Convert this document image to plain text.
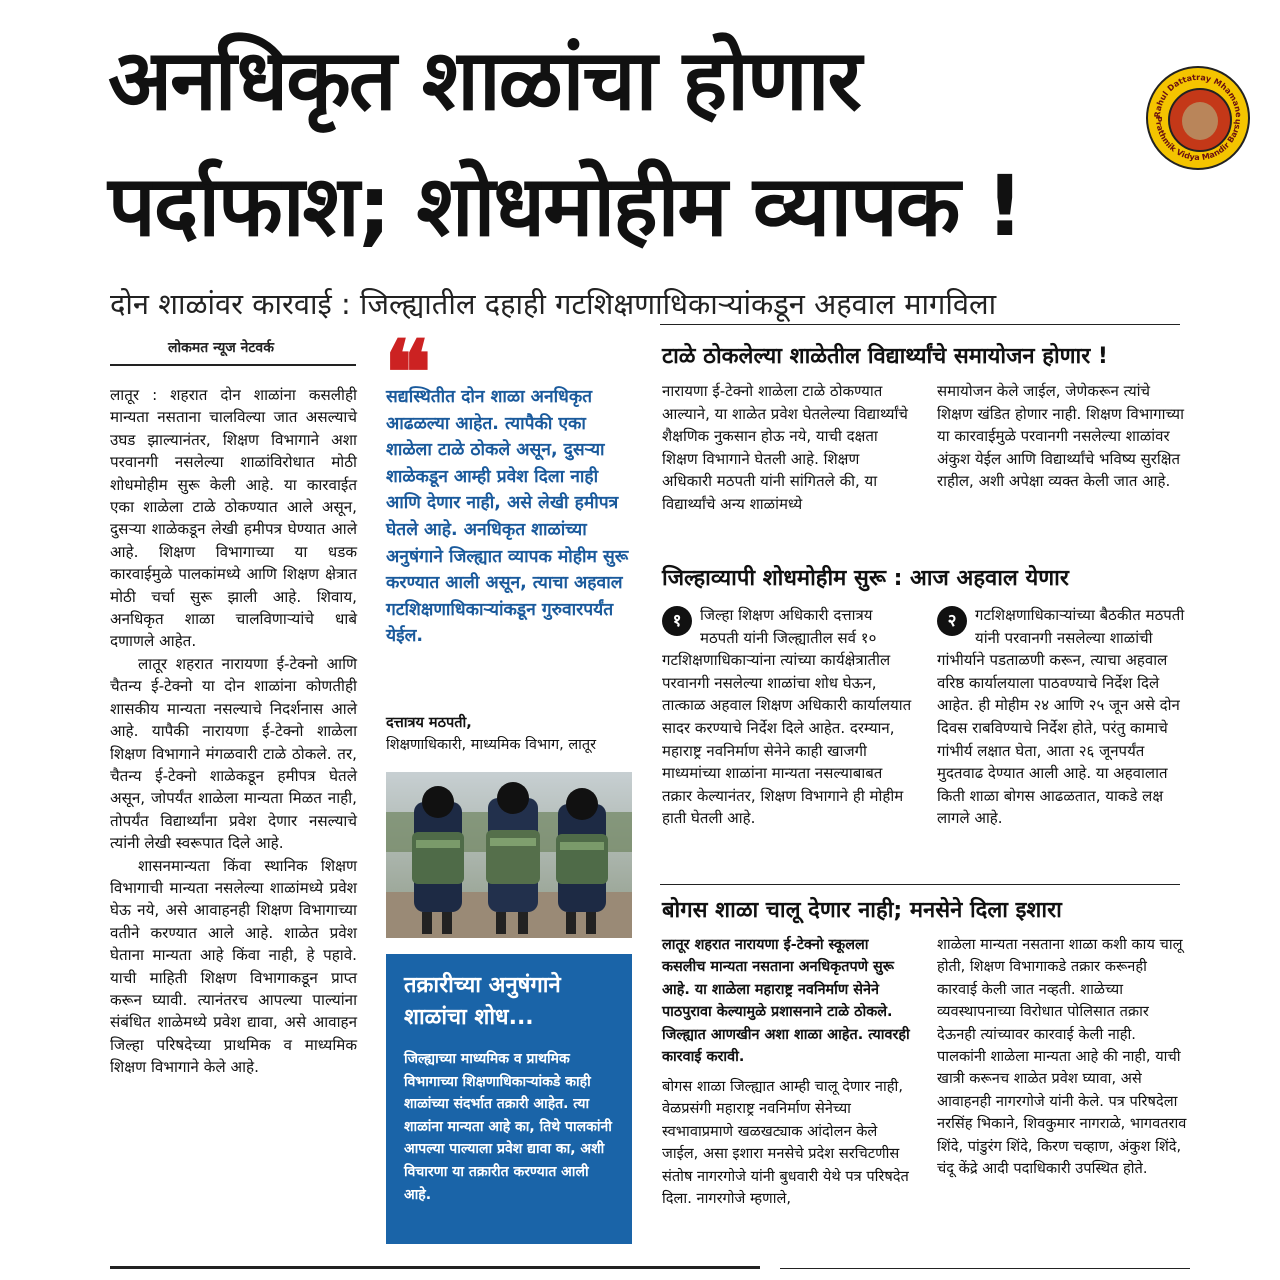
अनधिकृत शाळांचा होणार
पर्दाफाश; शोधमोहीम व्यापक !
Rahul Dattatray Mhamane
Prathmik Vidya Mandir Barsh
दोन शाळांवर कारवाई : जिल्ह्यातील दहाही गटशिक्षणाधिकाऱ्यांकडून अहवाल मागविला
लोकमत न्यूज नेटवर्क

लातूर : शहरात दोन शाळांना कसलीही मान्यता नसताना चालविल्या जात असल्याचे उघड झाल्यानंतर, शिक्षण विभागाने अशा परवानगी नसलेल्या शाळांविरोधात मोठी शोधमोहीम सुरू केली आहे. या कारवाईत एका शाळेला टाळे ठोकण्यात आले असून, दुसऱ्या शाळेकडून लेखी हमीपत्र घेण्यात आले आहे. शिक्षण विभागाच्या या धडक कारवाईमुळे पालकांमध्ये आणि शिक्षण क्षेत्रात मोठी चर्चा सुरू झाली आहे. शिवाय, अनधिकृत शाळा चालविणाऱ्यांचे धाबे दणाणले आहेत.

लातूर शहरात नारायणा ई-टेक्नो आणि चैतन्य ई-टेक्नो या दोन शाळांना कोणतीही शासकीय मान्यता नसल्याचे निदर्शनास आले आहे. यापैकी नारायणा ई-टेक्नो शाळेला शिक्षण विभागाने मंगळवारी टाळे ठोकले. तर, चैतन्य ई-टेक्नो शाळेकडून हमीपत्र घेतले असून, जोपर्यंत शाळेला मान्यता मिळत नाही, तोपर्यंत विद्यार्थ्यांना प्रवेश देणार नसल्याचे त्यांनी लेखी स्वरूपात दिले आहे.

शासनमान्यता किंवा स्थानिक शिक्षण विभागाची मान्यता नसलेल्या शाळांमध्ये प्रवेश घेऊ नये, असे आवाहनही शिक्षण विभागाच्या वतीने करण्यात आले आहे. शाळेत प्रवेश घेताना मान्यता आहे किंवा नाही, हे पहावे. याची माहिती शिक्षण विभागाकडून प्राप्त करून घ्यावी. त्यानंतरच आपल्या पाल्यांना संबंधित शाळेमध्ये प्रवेश द्यावा, असे आवाहन जिल्हा परिषदेच्या प्राथमिक व माध्यमिक शिक्षण विभागाने केले आहे.

❝
सद्यस्थितीत दोन शाळा अनधिकृत आढळल्या आहेत. त्यापैकी एका शाळेला टाळे ठोकले असून, दुसऱ्या शाळेकडून आम्ही प्रवेश दिला नाही आणि देणार नाही, असे लेखी हमीपत्र घेतले आहे. अनधिकृत शाळांच्या अनुषंगाने जिल्ह्यात व्यापक मोहीम सुरू करण्यात आली असून, त्याचा अहवाल गटशिक्षणाधिकाऱ्यांकडून गुरुवारपर्यंत येईल.
दत्तात्रय मठपती,
शिक्षणाधिकारी, माध्यमिक विभाग, लातूर
तक्रारीच्या अनुषंगाने शाळांचा शोध...
जिल्ह्याच्या माध्यमिक व प्राथमिक विभागाच्या शिक्षणाधिकाऱ्यांकडे काही शाळांच्या संदर्भात तक्रारी आहेत. त्या शाळांना मान्यता आहे का, तिथे पालकांनी आपल्या पाल्याला प्रवेश द्यावा का, अशी विचारणा या तक्रारीत करण्यात आली आहे.
टाळे ठोकलेल्या शाळेतील विद्यार्थ्यांचे समायोजन होणार !
नारायणा ई-टेक्नो शाळेला टाळे ठोकण्यात आल्याने, या शाळेत प्रवेश घेतलेल्या विद्यार्थ्यांचे शैक्षणिक नुकसान होऊ नये, याची दक्षता शिक्षण विभागाने घेतली आहे. शिक्षण अधिकारी मठपती यांनी सांगितले की, या विद्यार्थ्यांचे अन्य शाळांमध्ये
समायोजन केले जाईल, जेणेकरून त्यांचे शिक्षण खंडित होणार नाही. शिक्षण विभागाच्या या कारवाईमुळे परवानगी नसलेल्या शाळांवर अंकुश येईल आणि विद्यार्थ्यांचे भविष्य सुरक्षित राहील, अशी अपेक्षा व्यक्त केली जात आहे.
जिल्हाव्यापी शोधमोहीम सुरू : आज अहवाल येणार
१	जिल्हा शिक्षण अधिकारी दत्तात्रय मठपती यांनी जिल्ह्यातील सर्व १० गटशिक्षणाधिकाऱ्यांना त्यांच्या कार्यक्षेत्रातील परवानगी नसलेल्या शाळांचा शोध घेऊन, तात्काळ अहवाल शिक्षण अधिकारी कार्यालयात सादर करण्याचे निर्देश दिले आहेत. दरम्यान, महाराष्ट्र नवनिर्माण सेनेने काही खाजगी माध्यमांच्या शाळांना मान्यता नसल्याबाबत तक्रार केल्यानंतर, शिक्षण विभागाने ही मोहीम हाती घेतली आहे.
२	गटशिक्षणाधिकाऱ्यांच्या बैठकीत मठपती यांनी परवानगी नसलेल्या शाळांची गांभीर्याने पडताळणी करून, त्याचा अहवाल वरिष्ठ कार्यालयाला पाठवण्याचे निर्देश दिले आहेत. ही मोहीम २४ आणि २५ जून असे दोन दिवस राबविण्याचे निर्देश होते, परंतु कामाचे गांभीर्य लक्षात घेता, आता २६ जूनपर्यंत मुदतवाढ देण्यात आली आहे. या अहवालात किती शाळा बोगस आढळतात, याकडे लक्ष लागले आहे.
बोगस शाळा चालू देणार नाही; मनसेने दिला इशारा
लातूर शहरात नारायणा ई-टेक्नो स्कूलला कसलीच मान्यता नसताना अनधिकृतपणे सुरू आहे. या शाळेला महाराष्ट्र नवनिर्माण सेनेने पाठपुरावा केल्यामुळे प्रशासनाने टाळे ठोकले. जिल्ह्यात आणखीन अशा शाळा आहेत. त्यावरही कारवाई करावी.
बोगस शाळा जिल्ह्यात आम्ही चालू देणार नाही, वेळप्रसंगी महाराष्ट्र नवनिर्माण सेनेच्या स्वभावाप्रमाणे खळखट्याक आंदोलन केले जाईल, असा इशारा मनसेचे प्रदेश सरचिटणीस संतोष नागरगोजे यांनी बुधवारी येथे पत्र परिषदेत दिला. नागरगोजे म्हणाले,
शाळेला मान्यता नसताना शाळा कशी काय चालू होती, शिक्षण विभागाकडे तक्रार करूनही कारवाई केली जात नव्हती. शाळेच्या व्यवस्थापनाच्या विरोधात पोलिसात तक्रार देऊनही त्यांच्यावर कारवाई केली नाही. पालकांनी शाळेला मान्यता आहे की नाही, याची खात्री करूनच शाळेत प्रवेश घ्यावा, असे आवाहनही नागरगोजे यांनी केले. पत्र परिषदेला नरसिंह भिकाने, शिवकुमार नागराळे, भागवतराव शिंदे, पांडुरंग शिंदे, किरण चव्हाण, अंकुश शिंदे, चंदू केंद्रे आदी पदाधिकारी उपस्थित होते.
